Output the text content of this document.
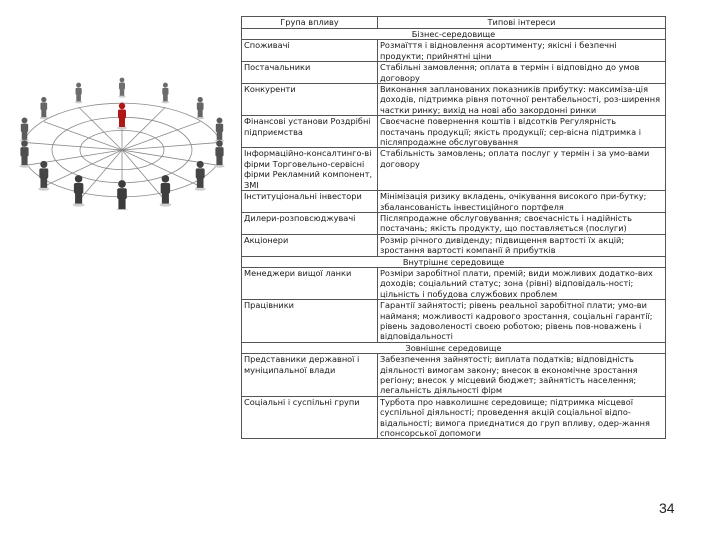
Група впливу	Типові інтереси
Бізнес-середовище	
Споживачі	Розмаїття і відновлення асортименту; якісні і безпечні продукти; прийнятні ціни
Постачальники	Стабільні замовлення; оплата в термін і відповідно до умов договору
Конкуренти	Виконання запланованих показників прибутку: максиміза-ція доходів, підтримка рівня поточної рентабельності, роз-ширення частки ринку; вихід на нові або закордонні ринки
Фінансові установи Роздрібні підприємства	Своєчасне повернення коштів і відсотків Регулярність постачань продукції; якість продукції; сер-вісна підтримка і післяпродажне обслуговування
Інформаційно-консалтинго-ві фірми Торговельно-сервісні фірми Рекламний компонент, ЗМІ	Стабільність замовлень; оплата послуг у термін і за умо-вами договору
Інституціональні інвестори	Мінімізація ризику вкладень, очікування високого при-бутку; збалансованість інвестиційного портфеля
Дилери-розповсюджувачі	Післяпродажне обслуговування; своєчасність і надійність постачань; якість продукту, що поставляється (послуги)
Акціонери	Розмір річного дивіденду; підвищення вартості їх акцій; зростання вартості компанії й прибутків
Внутрішнє середовище	
Менеджери вищої ланки	Розміри заробітної плати, премій; види можливих додатко-вих доходів; соціальний статус; зона (рівні) відповідаль-ності; цільність і побудова службових проблем
Працівники	Гарантії зайнятості; рівень реальної заробітної плати; умо-ви найманя; можливості кадрового зростання, соціальні гарантії; рівень задоволеності своєю роботою; рівень пов-новажень і відповідальності
Зовнішнє середовище	
Представники державної і муніципальної влади	Забезпечення зайнятості; виплата податків; відповідність діяльності вимогам закону; внесок в економічне зростання регіону; внесок у місцевий бюджет; зайнятість населення; легальність діяльності фірм
Соціальні і суспільні групи	Турбота про навколишнє середовище; підтримка місцевої суспільної діяльності; проведення акцій соціальної відпо-відальності; вимога приєднатися до груп впливу, одер-жання спонсорської допомоги
34
